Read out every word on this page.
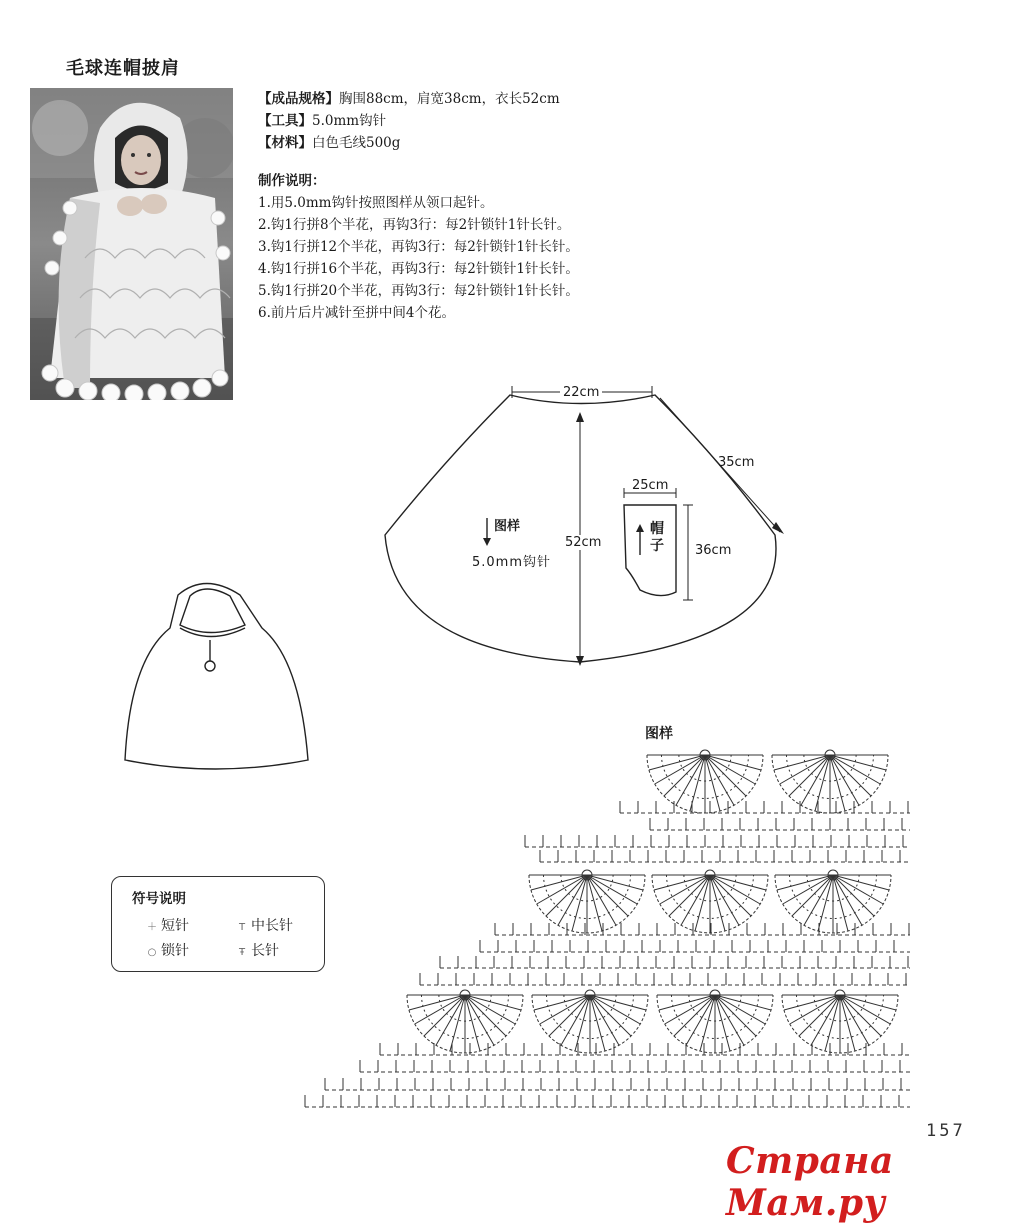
毛球连帽披肩
【成品规格】胸围88cm，肩宽38cm，衣长52cm
【工具】5.0mm钩针
【材料】白色毛线500g
制作说明：
1.用5.0mm钩针按照图样从领口起针。
2.钩1行拼8个半花，再钩3行：每2针锁针1针长针。
3.钩1行拼12个半花，再钩3行：每2针锁针1针长针。
4.钩1行拼16个半花，再钩3行：每2针锁针1针长针。
5.钩1行拼20个半花，再钩3行：每2针锁针1针长针。
6.前片后片减针至拼中间4个花。
22cm
35cm
52cm
25cm
36cm
图样
5.0mm钩针
帽
子
图样
符号说明
＋ 短针	T 中长针
○ 锁针	Ŧ 长针
157
Страна Мам.ру
